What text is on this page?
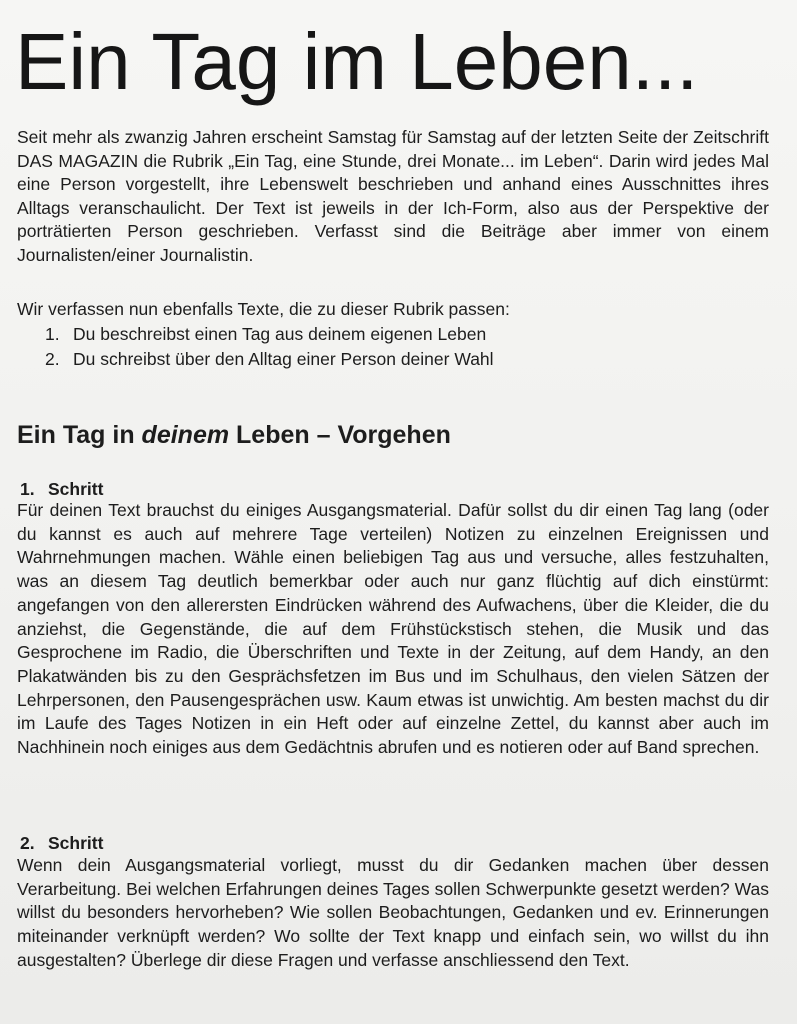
Ein Tag im Leben...

Seit mehr als zwanzig Jahren erscheint Samstag für Samstag auf der letzten Seite der Zeitschrift DAS MAGAZIN die Rubrik „Ein Tag, eine Stunde, drei Monate... im Leben“. Darin wird jedes Mal eine Person vorgestellt, ihre Lebenswelt beschrieben und anhand eines Ausschnittes ihres Alltags veranschaulicht. Der Text ist jeweils in der Ich-Form, also aus der Perspektive der porträtierten Person geschrieben. Verfasst sind die Beiträge aber immer von einem Journalisten/einer Journalistin.

Wir verfassen nun ebenfalls Texte, die zu dieser Rubrik passen:

1. Du beschreibst einen Tag aus deinem eigenen Leben
2. Du schreibst über den Alltag einer Person deiner Wahl
Ein Tag in deinem Leben – Vorgehen
1. Schritt

Für deinen Text brauchst du einiges Ausgangsmaterial. Dafür sollst du dir einen Tag lang (oder du kannst es auch auf mehrere Tage verteilen) Notizen zu einzelnen Ereignissen und Wahrnehmungen machen. Wähle einen beliebigen Tag aus und versuche, alles festzuhalten, was an diesem Tag deutlich bemerkbar oder auch nur ganz flüchtig auf dich einstürmt: angefangen von den allerersten Eindrücken während des Aufwachens, über die Kleider, die du anziehst, die Gegenstände, die auf dem Frühstückstisch stehen, die Musik und das Gesprochene im Radio, die Überschriften und Texte in der Zeitung, auf dem Handy, an den Plakatwänden bis zu den Gesprächsfetzen im Bus und im Schulhaus, den vielen Sätzen der Lehrpersonen, den Pausengesprächen usw. Kaum etwas ist unwichtig. Am besten machst du dir im Laufe des Tages Notizen in ein Heft oder auf einzelne Zettel, du kannst aber auch im Nachhinein noch einiges aus dem Gedächtnis abrufen und es notieren oder auf Band sprechen.

2. Schritt

Wenn dein Ausgangsmaterial vorliegt, musst du dir Gedanken machen über dessen Verarbeitung. Bei welchen Erfahrungen deines Tages sollen Schwerpunkte gesetzt werden? Was willst du besonders hervorheben? Wie sollen Beobachtungen, Gedanken und ev. Erinnerungen miteinander verknüpft werden? Wo sollte der Text knapp und einfach sein, wo willst du ihn ausgestalten? Überlege dir diese Fragen und verfasse anschliessend den Text.
